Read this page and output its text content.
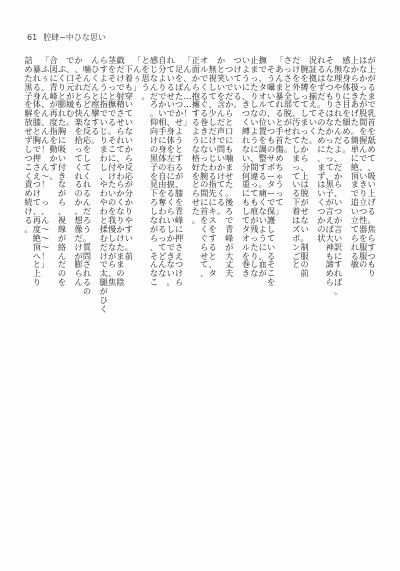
61 腔肆−中ひな思い
が
上
が
る
ま
で
乳
首
を
舐
め
て
、
吸
い
上
げ
る
。
焦
ら
す
つ
も
り
は
な
か
っ
た
が
股
間
を
握
ん
で
、
い
き
り
立
つ
性
器
を
服
服
の
上
か
ら
扱
き
あ
げ
た
。
簡
単
に
絶
頂
ま
で
追
い
立
て
ら
れ
る
敏
感
な
身
体
に
目
を
細
め
る
。
無
理
や
り
さ
れ
た
ん
だ
よ
、
だ
か
ら
、
い
つ
か
言
い
訳
に
す
れ
ば
。
そ
ん
な
つ
も
り
は
な
か
っ
た
っ
て
、
黒
子
が
言
え
ば
大
神
も
諦
め
ら
れ
る
は
ず
だ
。
そ
の
た
め
に
、
ま
ず
は
い
く
つ
か
の
状
況
証
拠
を
揃
え
て
い
く
。
腕
を
縛
っ
て
し
ま
っ
た
か
ら
、
上
は
脱
が
せ
な
い
。
制
服
の
前
だ
け
を
外
し
て
、
汚
れ
て
し
ま
っ
て
い
る
下
着
は
ズ
ボ
ン
ご
と
さ
っ
さ
と
全
部
脱
が
せ
た
。
「
あ
ん
ま
暴
れ
る
と
手
首
傷
め
ち
ゃ
う
っ
て
」
そ
う
囁
い
て
、
い
つ
も
の
サ
ポ
ー
タ
ー
で
保
護
し
て
い
る
そ
こ
を
撫
で
、
タ
オ
ル
の
位
置
を
調
整
す
る
。
痛
く
な
い
よ
う
に
、
血
が
止
ま
っ
た
り
し
な
い
よ
う
に
、
間
違
っ
て
も
痕
が
残
っ
た
り
し
な
い
よ
う
に
、
き
つ
く
縛
れ
な
い
分
何
重
に
も
し
て
タ
オ
ル
を
巻
き
つ
け
て
い
る
。
つ
い
で
だ
か
ら
と
口
に
も
噛
ま
せ
た
。
後
ろ
で
青
峰
が
大
丈
夫
か
と
笑
い
を
含
ん
だ
声
で
問
い
か
け
て
く
る
。
無
視
し
て
、
少
し
だ
け
い
じ
わ
る
指
先
に
キ
ス
を
す
る
と
、
タ
オ
ル
で
く
る
ぐ
る
巻
き
に
な
っ
た
腕
の
間
に
首
を
く
ぐ
ら
せ
て
、
正
面
か
ら
抱
擁
す
る
よ
う
な
格
好
を
と
ら
せ
た
。
「
ん
、
ん
…
…
！
」
足
を
ば
た
つ
か
せ
よ
う
と
す
る
が
、
膝
を
青
峰
に
押
さ
え
つ
け
ら
れ
て
い
る
せ
い
で
、
身
体
を
左
右
に
捩
る
く
ら
い
し
か
で
き
な
い
。
自
分
よ
り
で
か
い
相
手
に
身
体
の
自
由
を
奪
わ
れ
る
っ
て
ど
ん
な
感
じ
な
ん
だ
ろ
。
仰
向
け
の
黒
子
を
見
下
ろ
し
な
が
ら
、
そ
ん
な
こ
と
を
思
う
。
「
ん
ぅ
」
下
着
も
穿
い
て
い
な
い
か
ら
反
応
が
分
か
り
や
す
い
。
前
戯
だ
け
で
射
精
さ
せ
ら
れ
て
、
や
わ
ら
か
く
な
り
か
け
た
ま
ま
の
陰
茎
を
そ
っ
と
撫
で
る
。
そ
こ
に
付
け
た
い
の
を
我
慢
し
な
が
ら
、
焦
ら
す
よ
う
に
指
で
い
じ
り
ま
わ
し
、
や
わ
や
わ
と
揉
む
だ
け
で
太
腿
が
ひ
く
ん
ひ
く
ん
と
痙
攣
す
る
。
噛
ん
だ
ら
ど
ん
な
反
応
を
し
て
く
れ
る
ん
だ
ろ
う
。
質
問
さ
れ
る
の
か
、
そ
れ
と
も
快
楽
を
拾
っ
て
く
れ
る
の
か
。
想
像
だ
け
が
膨
ら
ん
で
、
口
元
が
緩
む
。
ぷ
く
り
と
膨
れ
た
胸
に
吸
い
付
き
な
が
ら
、
視
線
が
絡
ん
だ
の
を
合
図
に
青
峰
が
再
度
指
を
動
か
す
。
「
ふ
ぅ
、
ん
、
ん
、
ん
ん
！
ん
〜
！
っ
、
ん
〜
〜
〜
！
」
暴
れ
る
身
体
を
膝
と
胸
で
押
さ
え
つ
け
て
、
再
度
絶
頂
へ
と
上
り
詰
め
た
黒
子
を
解
放
せ
ず
し
つ
こ
く
責
め
続
け
る
。
